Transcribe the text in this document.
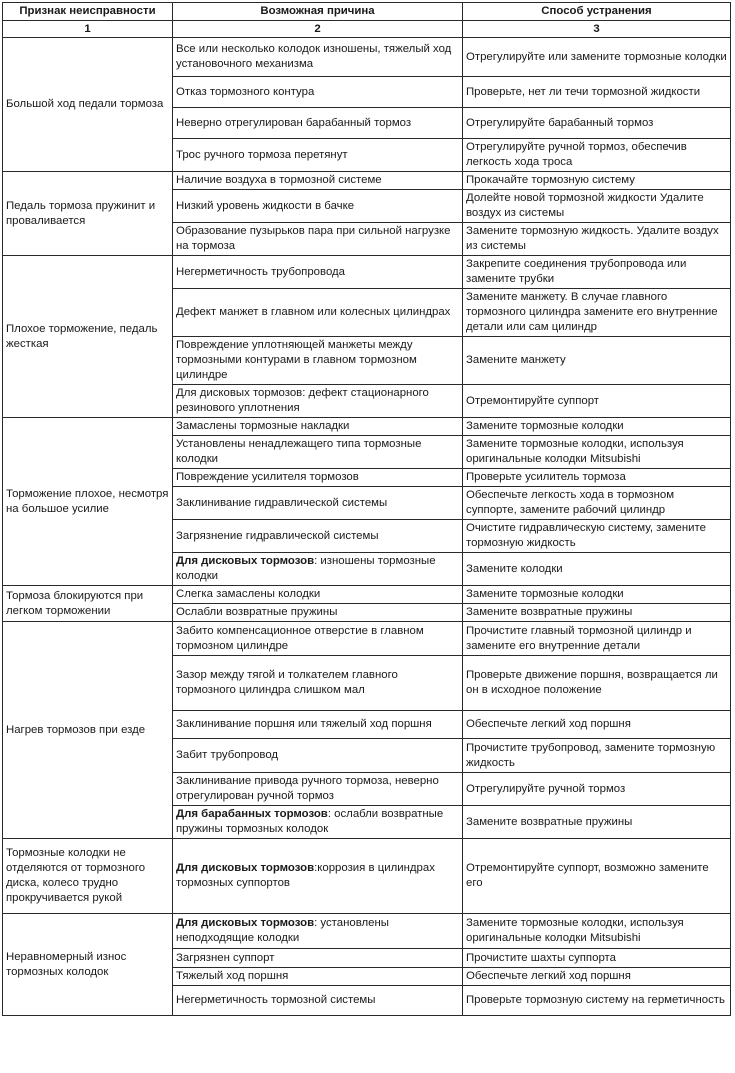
Признак неисправности	Возможная причина	Способ устранения
1	2	3
Большой ход педали тормоза	Все или несколько колодок изношены, тяжелый ход установочного механизма	Отрегулируйте или замените тормозные колодки
	Отказ тормозного контура	Проверьте, нет ли течи тормозной жидкости
	Неверно отрегулирован барабанный тормоз	Отрегулируйте барабанный тормоз
	Трос ручного тормоза перетянут	Отрегулируйте ручной тормоз, обеспечив легкость хода троса
Педаль тормоза пружинит и проваливается	Наличие воздуха в тормозной системе	Прокачайте тормозную систему
	Низкий уровень жидкости в бачке	Долейте новой тормозной жидкости Удалите воздух из системы
	Образование пузырьков пара при сильной нагрузке на тормоза	Замените тормозную жидкость. Удалите воздух из системы
Плохое торможение, педаль жесткая	Негерметичность трубопровода	Закрепите соединения трубопровода или замените трубки
	Дефект манжет в главном или колесных цилиндрах	Замените манжету. В случае главного тормозного цилиндра замените его внутренние детали или сам цилиндр
	Повреждение уплотняющей манжеты между тормозными контурами в главном тормозном цилиндре	Замените манжету
	Для дисковых тормозов: дефект стационарного резинового уплотнения	Отремонтируйте суппорт
Торможение плохое, несмотря на большое усилие	Замаслены тормозные накладки	Замените тормозные колодки
	Установлены ненадлежащего типа тормозные колодки	Замените тормозные колодки, используя оригинальные колодки Mitsubishi
	Повреждение усилителя тормозов	Проверьте усилитель тормоза
	Заклинивание гидравлической системы	Обеспечьте легкость хода в тормозном суппорте, замените рабочий цилиндр
	Загрязнение гидравлической системы	Очистите гидравлическую систему, замените тормозную жидкость
	Для дисковых тормозов: изношены тормозные колодки	Замените колодки
Тормоза блокируются при легком торможении	Слегка замаслены колодки	Замените тормозные колодки
	Ослабли возвратные пружины	Замените возвратные пружины
Нагрев тормозов при езде	Забито компенсационное отверстие в главном тормозном цилиндре	Прочистите главный тормозной цилиндр и замените его внутренние детали
	Зазор между тягой и толкателем главного тормозного цилиндра слишком мал	Проверьте движение поршня, возвращается ли он в исходное положение
	Заклинивание поршня или тяжелый ход поршня	Обеспечьте легкий ход поршня
	Забит трубопровод	Прочистите трубопровод, замените тормозную жидкость
	Заклинивание привода ручного тормоза, неверно отрегулирован ручной тормоз	Отрегулируйте ручной тормоз
	Для барабанных тормозов: ослабли возвратные пружины тормозных колодок	Замените возвратные пружины
Тормозные колодки не отделяются от тормозного диска, колесо трудно прокручивается рукой	Для дисковых тормозов:коррозия в цилиндрах тормозных суппортов	Отремонтируйте суппорт, возможно замените его
Неравномерный износ тормозных колодок	Для дисковых тормозов: установлены неподходящие колодки	Замените тормозные колодки, используя оригинальные колодки Mitsubishi
	Загрязнен суппорт	Прочистите шахты суппорта
	Тяжелый ход поршня	Обеспечьте легкий ход поршня
	Негерметичность тормозной системы	Проверьте тормозную систему на герметичность
